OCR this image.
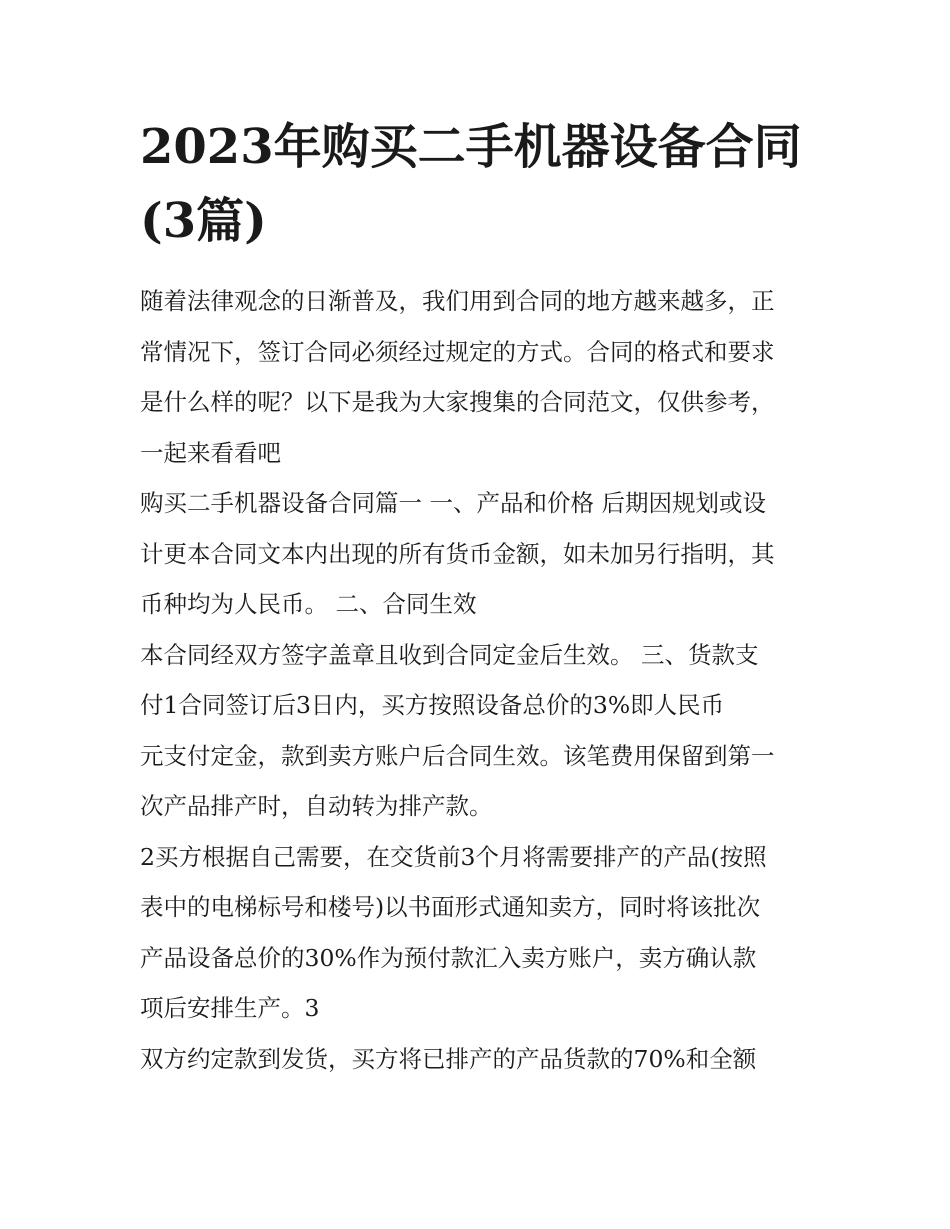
2023年购买二手机器设备合同
(3篇)
随着法律观念的日渐普及，我们用到合同的地方越来越多，正
常情况下，签订合同必须经过规定的方式。合同的格式和要求
是什么样的呢？以下是我为大家搜集的合同范文，仅供参考，
一起来看看吧
购买二手机器设备合同篇一 一、产品和价格 后期因规划或设
计更本合同文本内出现的所有货币金额，如未加另行指明，其
币种均为人民币。 二、合同生效
本合同经双方签字盖章且收到合同定金后生效。 三、货款支
付1合同签订后3日内，买方按照设备总价的3%即人民币
元支付定金，款到卖方账户后合同生效。该笔费用保留到第一
次产品排产时，自动转为排产款。
2买方根据自己需要，在交货前3个月将需要排产的产品(按照
表中的电梯标号和楼号)以书面形式通知卖方，同时将该批次
产品设备总价的30%作为预付款汇入卖方账户，卖方确认款
项后安排生产。3
双方约定款到发货，买方将已排产的产品货款的70%和全额
